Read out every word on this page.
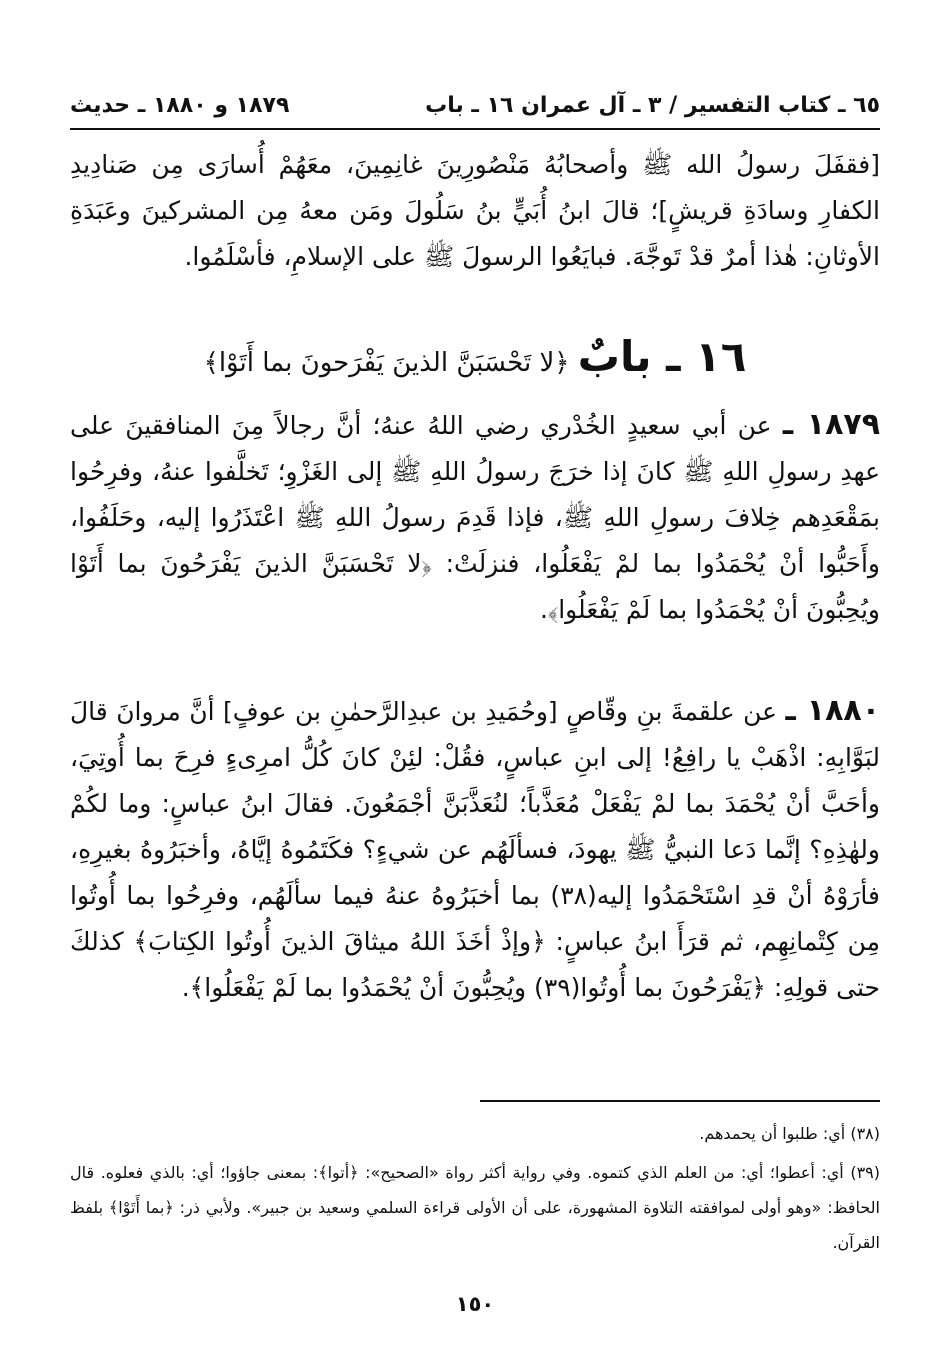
٦٥ ـ كتاب التفسير / ٣ ـ آل عمران ١٦ ـ باب
١٨٧٩ و ١٨٨٠ ـ حديث
[فقفَلَ رسولُ الله ﷺ وأصحابُهُ مَنْصُورِينَ غانِمِينَ، معَهُمْ أُسارَى مِن صَنادِيدِ الكفارِ وسادَةِ قريشٍ]؛ قالَ ابنُ أُبَيٍّ بنُ سَلُولَ ومَن معهُ مِن المشركينَ وعَبَدَةِ الأوثانِ: هٰذا أمرٌ قدْ تَوجَّهَ. فبايَعُوا الرسولَ ﷺ على الإسلامِ، فأسْلَمُوا.
١٦ ـ بابٌ ﴿لا تَحْسَبَنَّ الذينَ يَفْرَحونَ بما أَتَوْا﴾
١٨٧٩ ـ عن أبي سعيدٍ الخُدْري رضي اللهُ عنهُ؛ أنَّ رجالاً مِنَ المنافقينَ على عهدِ رسولِ اللهِ ﷺ كانَ إذا خرَجَ رسولُ اللهِ ﷺ إلى الغَزْوِ؛ تَخلَّفوا عنهُ، وفرِحُوا بمَقْعَدِهم خِلافَ رسولِ اللهِ ﷺ، فإذا قَدِمَ رسولُ اللهِ ﷺ اعْتَذَرُوا إليه، وحَلَفُوا، وأَحَبُّوا أنْ يُحْمَدُوا بما لمْ يَفْعَلُوا، فنزلَتْ: ﴿لا تَحْسَبَنَّ الذينَ يَفْرَحُونَ بما أَتَوْا ويُحِبُّونَ أنْ يُحْمَدُوا بما لَمْ يَفْعَلُوا﴾.
١٨٨٠ ـ عن علقمةَ بنِ وقّاصٍ [وحُمَيدِ بن عبدِالرَّحمٰنِ بن عوفٍ] أنَّ مروانَ قالَ لبَوَّابِهِ: اذْهَبْ يا رافِعُ! إلى ابنِ عباسٍ، فقُلْ: لئِنْ كانَ كُلُّ امرِىءٍ فرِحَ بما أُوتِيَ، وأحَبَّ أنْ يُحْمَدَ بما لمْ يَفْعَلْ مُعَذَّباً؛ لنُعَذَّبَنَّ أجْمَعُونَ. فقالَ ابنُ عباسٍ: وما لكُمْ ولهٰذِهِ؟ إنَّما دَعا النبيُّ ﷺ يهودَ، فسألَهُم عن شيءٍ؟ فكَتَمُوهُ إيَّاهُ، وأخبَرُوهُ بغيرِهِ، فأرَوْهُ أنْ قدِ اسْتَحْمَدُوا إليه(٣٨) بما أخبَرُوهُ عنهُ فيما سألَهُم، وفرِحُوا بما أُوتُوا مِن كِتْمانِهِم، ثم قرَأَ ابنُ عباسٍ: ﴿وإذْ أخَذَ اللهُ ميثاقَ الذينَ أُوتُوا الكِتابَ﴾ كذلكَ حتى قولِهِ: ﴿يَفْرَحُونَ بما أُوتُوا(٣٩) ويُحِبُّونَ أنْ يُحْمَدُوا بما لَمْ يَفْعَلُوا﴾.

(٣٨) أي: طلبوا أن يحمدهم.

(٣٩) أي: أعطوا؛ أي: من العلم الذي كتموه. وفي رواية أكثر رواة «الصحيح»: ﴿أتوا﴾: بمعنى جاؤوا؛ أي: بالذي فعلوه. قال الحافظ: «وهو أولى لموافقته التلاوة المشهورة، على أن الأولى قراءة السلمي وسعيد بن جبير». ولأبي ذر: ﴿بما أَتَوْا﴾ بلفظ القرآن.

١٥٠
